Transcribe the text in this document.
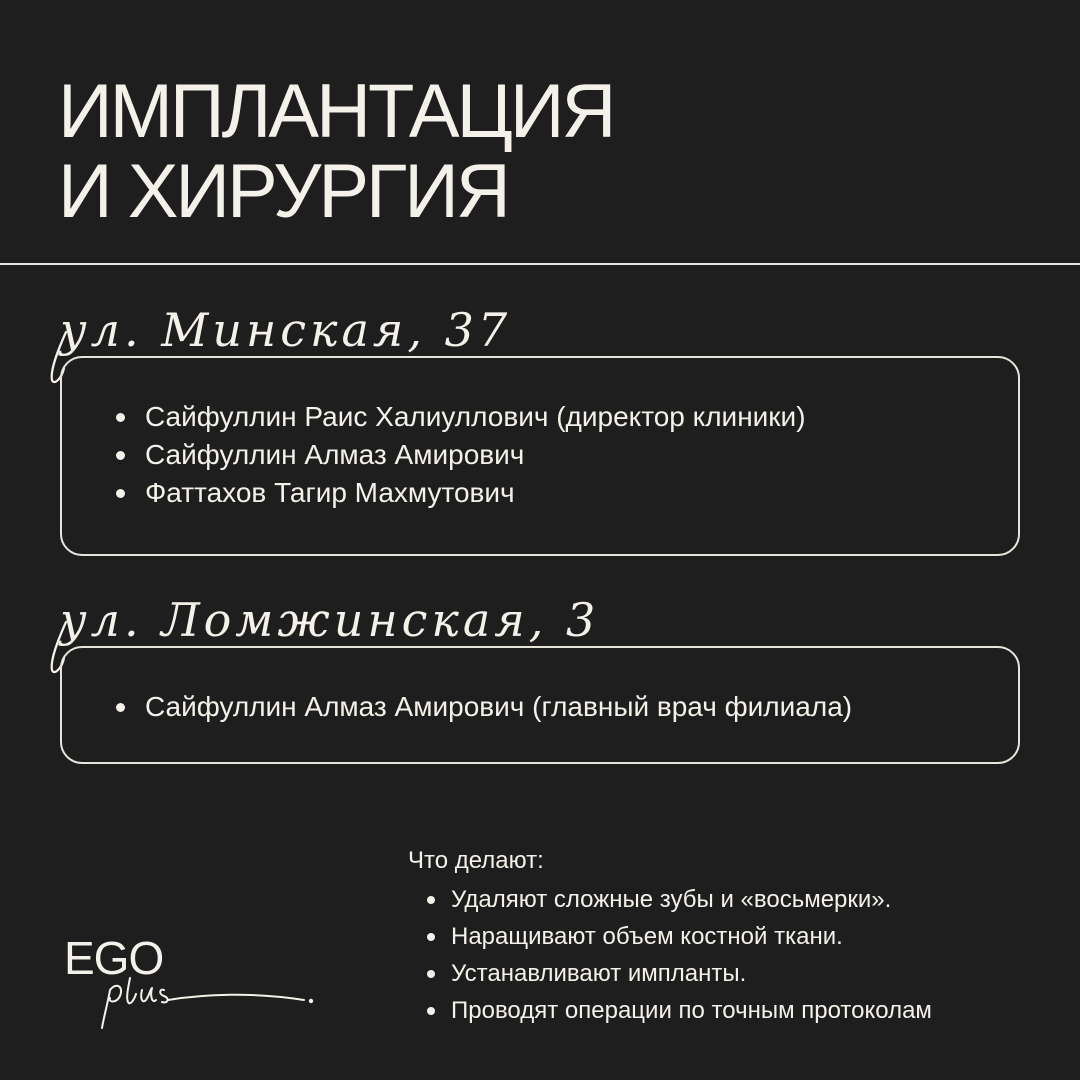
ИМПЛАНТАЦИЯ
И ХИРУРГИЯ
ул. Минская, 37
Сайфуллин Раис Халиуллович (директор клиники)
Сайфуллин Алмаз Амирович
Фаттахов Тагир Махмутович
ул. Ломжинская, 3
Сайфуллин Алмаз Амирович (главный врач филиала)

Что делают:

Удаляют сложные зубы и «восьмерки».
Наращивают объем костной ткани.
Устанавливают импланты.
Проводят операции по точным протоколам
EGO
